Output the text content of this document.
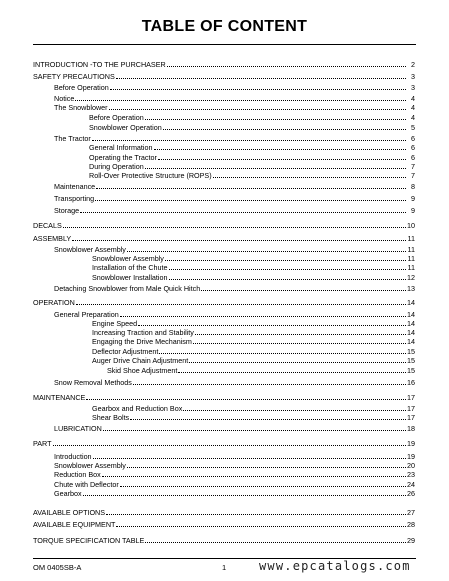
TABLE OF CONTENT
INTRODUCTION -TO THE PURCHASER	2
SAFETY PRECAUTIONS	3
Before Operation	3
Notice	4
The Snowblower	4
Before Operation	4
Snowblower Operation	5
The Tractor	6
General Information	6
Operating the Tractor	6
During Operation	7
Roll-Over Protective Structure (ROPS)	7
Maintenance	8
Transporting	9
Storage	9
DECALS	10
ASSEMBLY	11
Snowblower Assembly	11
Snowblower Assembly	11
Installation of the Chute	11
Snowblower Installation	12
Detaching Snowblower from Male Quick Hitch	13
OPERATION	14
General Preparation	14
Engine Speed	14
Increasing Traction and Stability	14
Engaging the Drive Mechanism	14
Deflector Adjustment	15
Auger Drive Chain Adjustment	15
Skid Shoe Adjustment	15
Snow Removal Methods	16
MAINTENANCE	17
Gearbox and Reduction Box	17
Shear Bolts	17
LUBRICATION	18
PART	19
Introduction	19
Snowblower Assembly	20
Reduction Box	23
Chute with Deflector	24
Gearbox	26
AVAILABLE OPTIONS	27
AVAILABLE EQUIPMENT	28
TORQUE SPECIFICATION TABLE	29
OM 0405SB-A	1	www.epcatalogs.com
